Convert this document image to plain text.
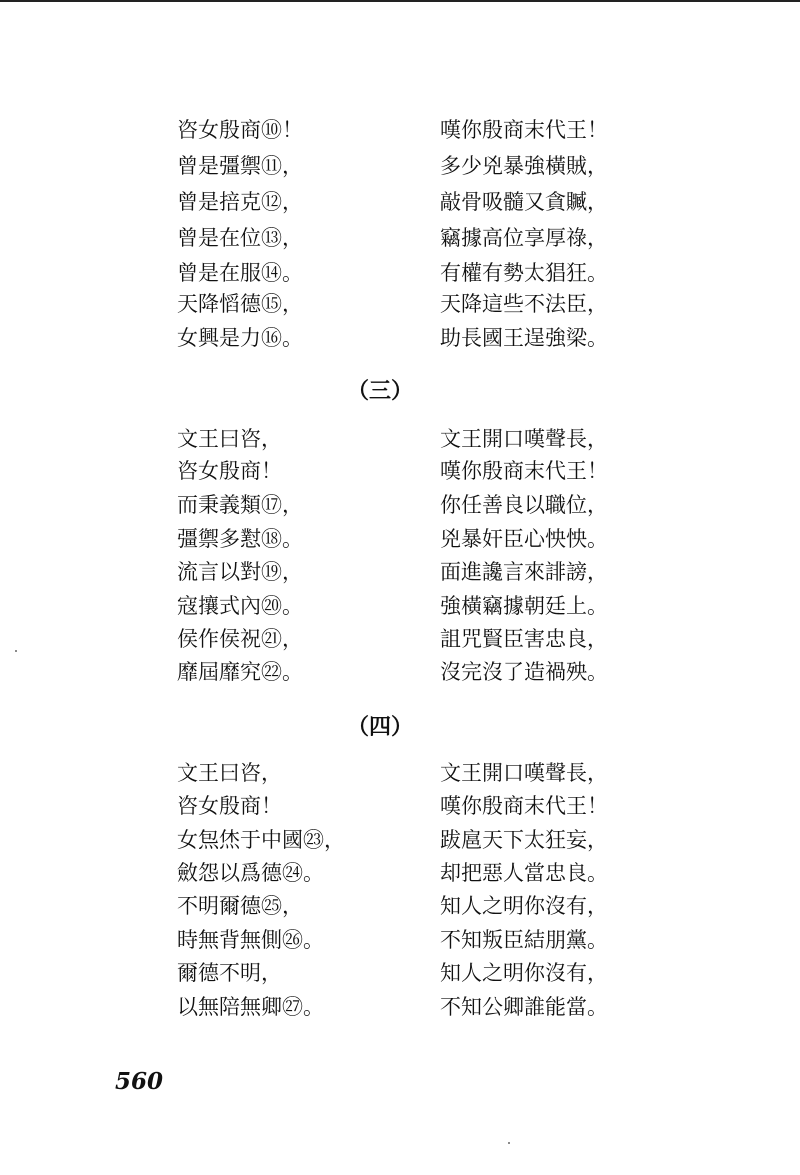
咨女殷商⑩！	嘆你殷商末代王！
曾是彊禦⑪，	多少兇暴強橫賊，
曾是掊克⑫，	敲骨吸髓又貪贓，
曾是在位⑬，	竊據高位享厚祿，
曾是在服⑭。	有權有勢太猖狂。
天降慆德⑮，	天降這些不法臣，
女興是力⑯。	助長國王逞強梁。
（三）
文王曰咨，	文王開口嘆聲長，
咨女殷商！	嘆你殷商末代王！
而秉義類⑰，	你任善良以職位，
彊禦多懟⑱。	兇暴奸臣心怏怏。
流言以對⑲，	面進讒言來誹謗，
寇攘式內⑳。	強橫竊據朝廷上。
侯作侯祝㉑，	詛咒賢臣害忠良，
靡屆靡究㉒。	沒完沒了造禍殃。
（四）
文王曰咨，	文王開口嘆聲長，
咨女殷商！	嘆你殷商末代王！
女炰烋于中國㉓，	跋扈天下太狂妄，
斂怨以爲德㉔。	却把惡人當忠良。
不明爾德㉕，	知人之明你沒有，
時無背無側㉖。	不知叛臣結朋黨。
爾德不明，	知人之明你沒有，
以無陪無卿㉗。	不知公卿誰能當。
560
